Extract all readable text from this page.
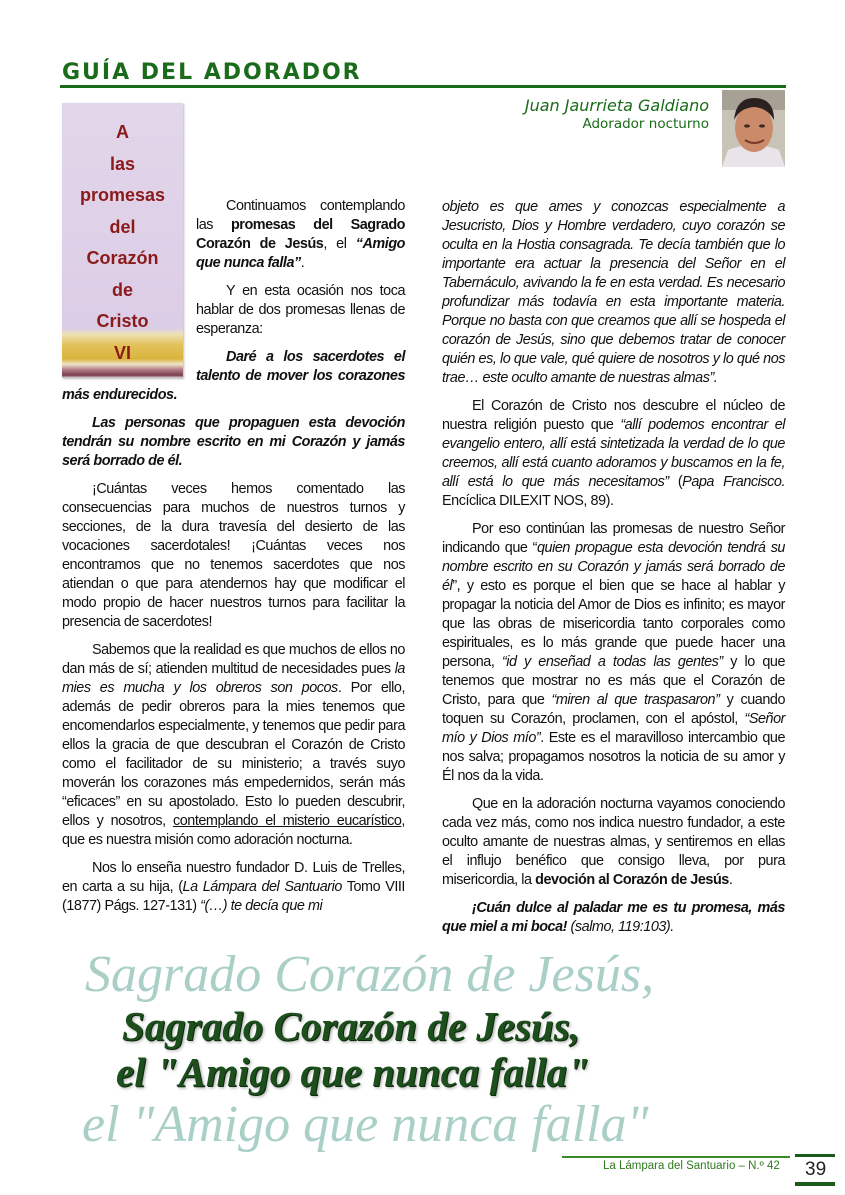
GUÍA DEL ADORADOR
Juan Jaurrieta Galdiano
Adorador nocturno
A
las
promesas
del
Corazón
de
Cristo
VI

Continuamos contemplando las promesas del Sagrado Corazón de Jesús, el “Amigo que nunca falla”.

Y en esta ocasión nos toca hablar de dos promesas llenas de esperanza:

Daré a los sacerdotes el talento de mover los corazones más endurecidos.

Las personas que propaguen esta devoción tendrán su nombre escrito en mi Corazón y jamás será borrado de él.

¡Cuántas veces hemos comentado las consecuencias para muchos de nuestros turnos y secciones, de la dura travesía del desierto de las vocaciones sacerdotales! ¡Cuántas veces nos encontramos que no tenemos sacerdotes que nos atiendan o que para atendernos hay que modificar el modo propio de hacer nuestros turnos para facilitar la presencia de sacerdotes!

Sabemos que la realidad es que muchos de ellos no dan más de sí; atienden multitud de necesidades pues la mies es mucha y los obreros son pocos. Por ello, además de pedir obreros para la mies tenemos que encomendarlos especialmente, y tenemos que pedir para ellos la gracia de que descubran el Corazón de Cristo como el facilitador de su ministerio; a través suyo moverán los corazones más empedernidos, serán más “eficaces” en su apostolado. Esto lo pueden descubrir, ellos y nosotros, contemplando el misterio eucarístico, que es nuestra misión como adoración nocturna.

Nos lo enseña nuestro fundador D. Luis de Trelles, en carta a su hija, (La Lámpara del Santuario Tomo VIII (1877) Págs. 127-131) “(…) te decía que mi

objeto es que ames y conozcas especialmente a Jesucristo, Dios y Hombre verdadero, cuyo corazón se oculta en la Hostia consagrada. Te decía también que lo importante era actuar la presencia del Señor en el Tabernáculo, avivando la fe en esta verdad. Es necesario profundizar más todavía en esta importante materia. Porque no basta con que creamos que allí se hospeda el corazón de Jesús, sino que debemos tratar de conocer quién es, lo que vale, qué quiere de nosotros y lo qué nos trae… este oculto amante de nuestras almas”.

El Corazón de Cristo nos descubre el núcleo de nuestra religión puesto que “allí podemos encontrar el evangelio entero, allí está sintetizada la verdad de lo que creemos, allí está cuanto adoramos y buscamos en la fe, allí está lo que más necesitamos” (Papa Francisco. Encíclica DILEXIT NOS, 89).

Por eso continúan las promesas de nuestro Señor indicando que “quien propague esta devoción tendrá su nombre escrito en su Corazón y jamás será borrado de él”, y esto es porque el bien que se hace al hablar y propagar la noticia del Amor de Dios es infinito; es mayor que las obras de misericordia tanto corporales como espirituales, es lo más grande que puede hacer una persona, “id y enseñad a todas las gentes” y lo que tenemos que mostrar no es más que el Corazón de Cristo, para que “miren al que traspasaron” y cuando toquen su Corazón, proclamen, con el apóstol, “Señor mío y Dios mío”. Este es el maravilloso intercambio que nos salva; propagamos nosotros la noticia de su amor y Él nos da la vida.

Que en la adoración nocturna vayamos conociendo cada vez más, como nos indica nuestro fundador, a este oculto amante de nuestras almas, y sentiremos en ellas el influjo benéfico que consigo lleva, por pura misericordia, la devoción al Corazón de Jesús.

¡Cuán dulce al paladar me es tu promesa, más que miel a mi boca! (salmo, 119:103).

Sagrado Corazón de Jesús,
Sagrado Corazón de Jesús,
el "Amigo que nunca falla"
el "Amigo que nunca falla"
La Lámpara del Santuario – N.º 42 39
